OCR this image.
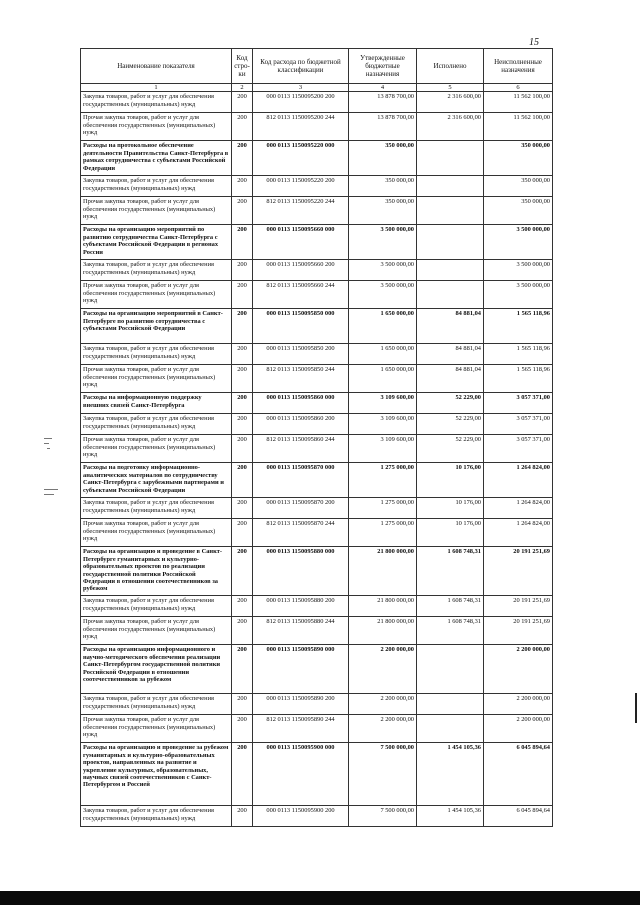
15
Наименование показателя	Код стро-ки	Код расхода по бюджетной классификации	Утвержденные бюджетные назначения	Исполнено	Неисполненные назначения
1	2	3	4	5	6
Закупка товаров, работ и услуг для обеспечения государственных (муниципальных) нужд	200	000 0113 1150095200 200	13 878 700,00	2 316 600,00	11 562 100,00
Прочая закупка товаров, работ и услуг для обеспечения государственных (муниципальных) нужд	200	812 0113 1150095200 244	13 878 700,00	2 316 600,00	11 562 100,00
Расходы на протокольное обеспечение деятельности Правительства Санкт-Петербурга в рамках сотрудничества с субъектами Российской Федерации	200	000 0113 1150095220 000	350 000,00		350 000,00
Закупка товаров, работ и услуг для обеспечения государственных (муниципальных) нужд	200	000 0113 1150095220 200	350 000,00		350 000,00
Прочая закупка товаров, работ и услуг для обеспечения государственных (муниципальных) нужд	200	812 0113 1150095220 244	350 000,00		350 000,00
Расходы на организацию мероприятий по развитию сотрудничества Санкт-Петербурга с субъектами Российской Федерации в регионах России	200	000 0113 1150095660 000	3 500 000,00		3 500 000,00
Закупка товаров, работ и услуг для обеспечения государственных (муниципальных) нужд	200	000 0113 1150095660 200	3 500 000,00		3 500 000,00
Прочая закупка товаров, работ и услуг для обеспечения государственных (муниципальных) нужд	200	812 0113 1150095660 244	3 500 000,00		3 500 000,00
Расходы на организацию мероприятий в Санкт-Петербурге по развитию сотрудничества с субъектами Российской Федерации	200	000 0113 1150095850 000	1 650 000,00	84 881,04	1 565 118,96
Закупка товаров, работ и услуг для обеспечения государственных (муниципальных) нужд	200	000 0113 1150095850 200	1 650 000,00	84 881,04	1 565 118,96
Прочая закупка товаров, работ и услуг для обеспечения государственных (муниципальных) нужд	200	812 0113 1150095850 244	1 650 000,00	84 881,04	1 565 118,96
Расходы на информационную поддержку внешних связей Санкт-Петербурга	200	000 0113 1150095860 000	3 109 600,00	52 229,00	3 057 371,00
Закупка товаров, работ и услуг для обеспечения государственных (муниципальных) нужд	200	000 0113 1150095860 200	3 109 600,00	52 229,00	3 057 371,00
Прочая закупка товаров, работ и услуг для обеспечения государственных (муниципальных) нужд	200	812 0113 1150095860 244	3 109 600,00	52 229,00	3 057 371,00
Расходы на подготовку информационно-аналитических материалов по сотрудничеству Санкт-Петербурга с зарубежными партнерами и субъектами Российской Федерации	200	000 0113 1150095870 000	1 275 000,00	10 176,00	1 264 824,00
Закупка товаров, работ и услуг для обеспечения государственных (муниципальных) нужд	200	000 0113 1150095870 200	1 275 000,00	10 176,00	1 264 824,00
Прочая закупка товаров, работ и услуг для обеспечения государственных (муниципальных) нужд	200	812 0113 1150095870 244	1 275 000,00	10 176,00	1 264 824,00
Расходы на организацию и проведение в Санкт-Петербурге гуманитарных и культурно-образовательных проектов по реализации государственной политики Российской Федерации в отношении соотечественников за рубежом	200	000 0113 1150095880 000	21 800 000,00	1 608 748,31	20 191 251,69
Закупка товаров, работ и услуг для обеспечения государственных (муниципальных) нужд	200	000 0113 1150095880 200	21 800 000,00	1 608 748,31	20 191 251,69
Прочая закупка товаров, работ и услуг для обеспечения государственных (муниципальных) нужд	200	812 0113 1150095880 244	21 800 000,00	1 608 748,31	20 191 251,69
Расходы на организацию информационного и научно-методического обеспечения реализации Санкт-Петербургом государственной политики Российской Федерации в отношении соотечественников за рубежом	200	000 0113 1150095890 000	2 200 000,00		2 200 000,00
Закупка товаров, работ и услуг для обеспечения государственных (муниципальных) нужд	200	000 0113 1150095890 200	2 200 000,00		2 200 000,00
Прочая закупка товаров, работ и услуг для обеспечения государственных (муниципальных) нужд	200	812 0113 1150095890 244	2 200 000,00		2 200 000,00
Расходы на организацию и проведение за рубежом гуманитарных и культурно-образовательных проектов, направленных на развитие и укрепление культурных, образовательных, научных связей соотечественников с Санкт-Петербургом и Россией	200	000 0113 1150095900 000	7 500 000,00	1 454 105,36	6 045 894,64
Закупка товаров, работ и услуг для обеспечения государственных (муниципальных) нужд	200	000 0113 1150095900 200	7 500 000,00	1 454 105,36	6 045 894,64
